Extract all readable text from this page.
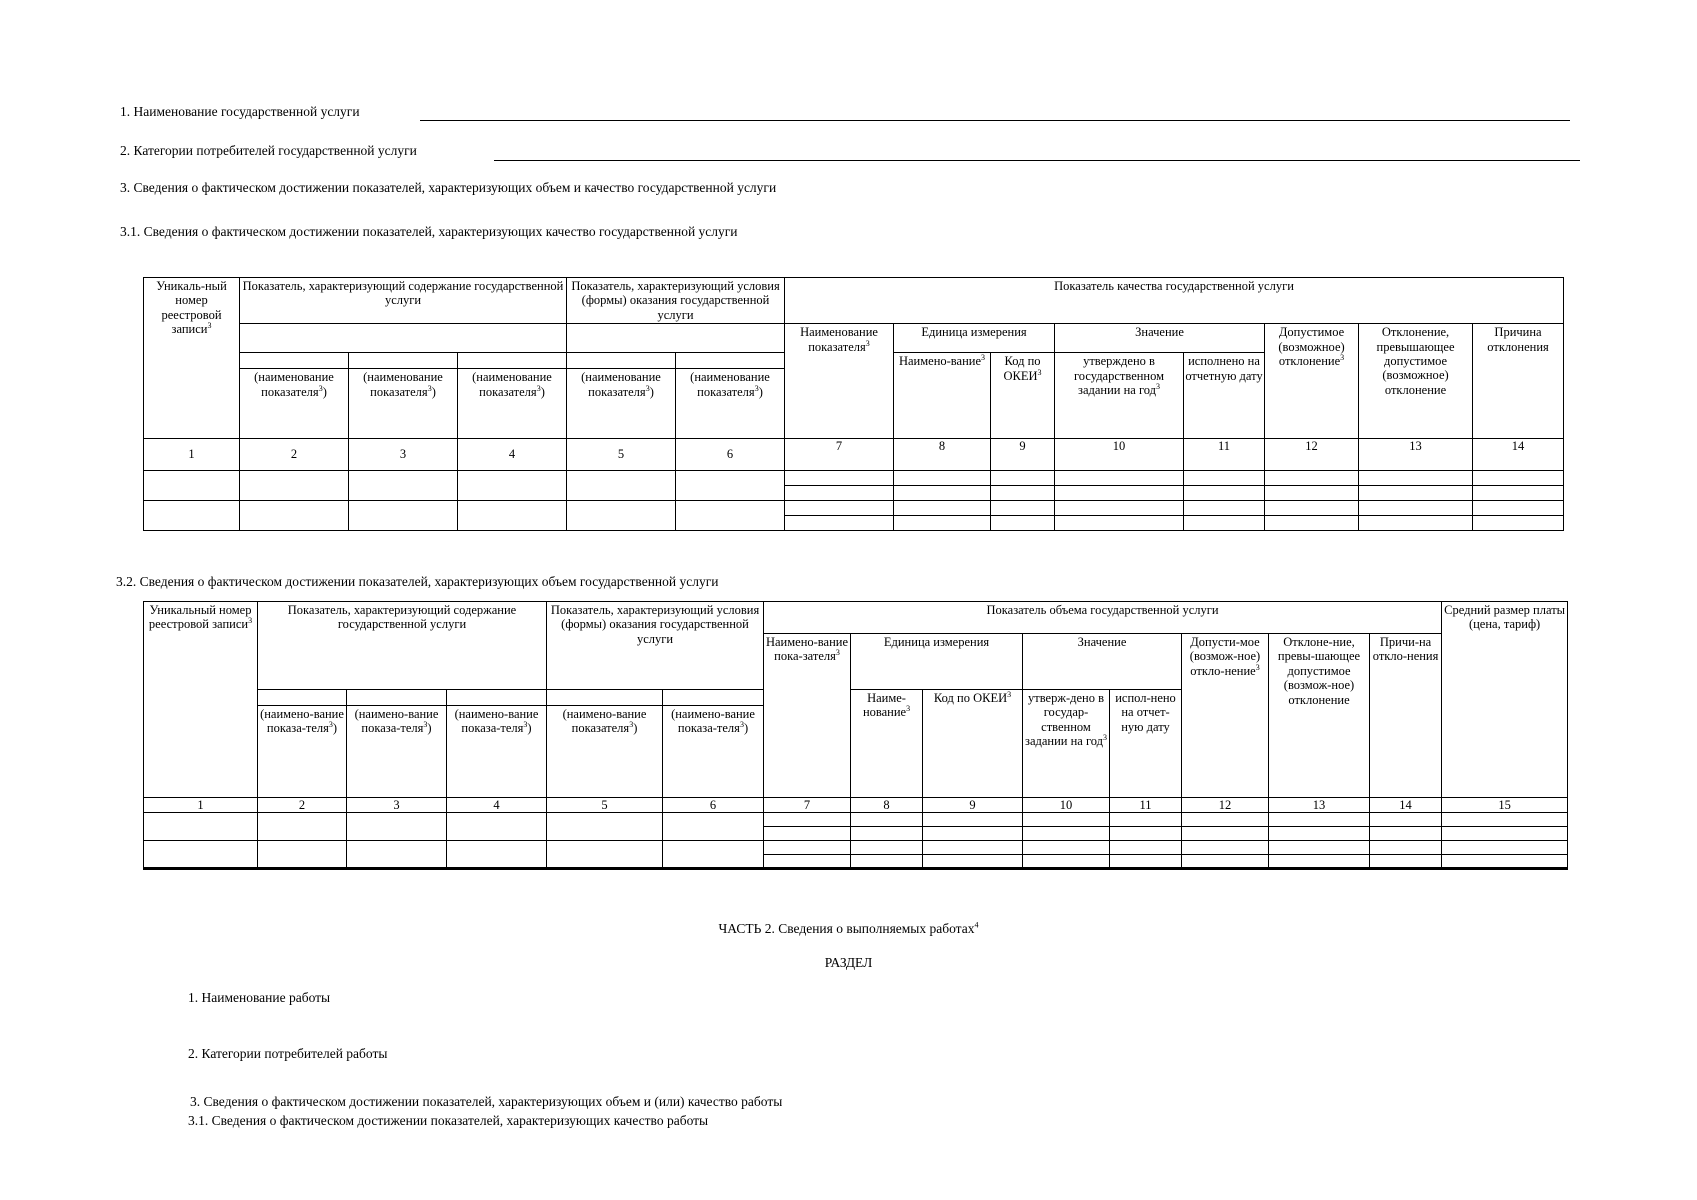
1. Наименование государственной услуги
2. Категории потребителей государственной услуги
3. Сведения о фактическом достижении показателей, характеризующих объем и качество государственной услуги
3.1. Сведения о фактическом достижении показателей, характеризующих качество государственной услуги
Уникаль-ный номер реестровой записи$^3$	Показатель, характеризующий содержание государственной услуги			Показатель, характеризующий условия (формы) оказания государственной услуги		Показатель качества государственной услуги							
						Наименование показателя$^3$	Единица измерения		Значение		Допустимое (возможное) отклонение$^3$	Отклонение, превышающее допустимое (возможное) отклонение	Причина отклонения
							Наимено-вание$^3$	Код по ОКЕИ$^3$	утверждено в государственном задании на год$^3$	исполнено на отчетную дату			
	(наименование показателя$^3$)	(наименование показателя$^3$)	(наименование показателя$^3$)	(наименование показателя$^3$)	(наименование показателя$^3$)								
1	2	3	4	5	6	7	8	9	10	11	12	13	14

3.2. Сведения о фактическом достижении показателей, характеризующих объем государственной услуги
Уникальный номер реестровой записи$^3$	Показатель, характеризующий содержание государственной услуги			Показатель, характеризующий условия (формы) оказания государственной услуги		Показатель объема государственной услуги								Средний размер платы (цена, тариф)
						Наимено-вание пока-зателя$^3$	Единица измерения		Значение		Допусти-мое (возмож-ное) откло-нение$^3$	Отклоне-ние, превы-шающее допустимое (возмож-ное) отклонение	Причи-на откло-нения	
							Наиме-нование$^3$	Код по ОКЕИ$^3$	утверж-дено в государ-ственном задании на год$^3$	испол-нено на отчет-ную дату				
	(наимено-вание показа-теля$^3$)	(наимено-вание показа-теля$^3$)	(наимено-вание показа-теля$^3$)	(наимено-вание показателя$^3$)	(наимено-вание показа-теля$^3$)									
1	2	3	4	5	6	7	8	9	10	11	12	13	14	15

ЧАСТЬ 2. Сведения о выполняемых работах$^4$
РАЗДЕЛ
1. Наименование работы
2. Категории потребителей работы
3. Сведения о фактическом достижении показателей, характеризующих объем и (или) качество работы
3.1. Сведения о фактическом достижении показателей, характеризующих качество работы
